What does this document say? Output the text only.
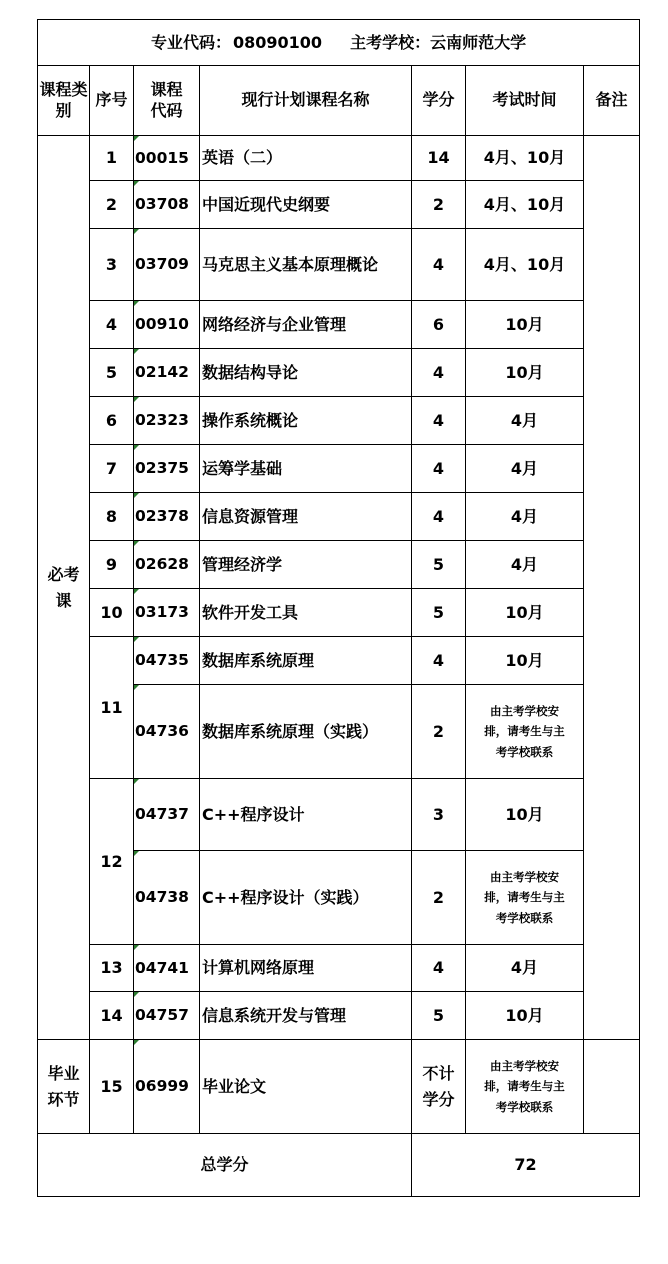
专业代码： 08090100 主考学校：云南师范大学						
课程类别	序号	课程代码	现行计划课程名称	学分	考试时间	备注

必考课	1	00015	英语（二）	14	4月、10月	
	2	03708	中国近现代史纲要	2	4月、10月	
	3	03709	马克思主义基本原理概论	4	4月、10月	
	4	00910	网络经济与企业管理	6	10月	
	5	02142	数据结构导论	4	10月	
	6	02323	操作系统概论	4	4月	
	7	02375	运筹学基础	4	4月	
	8	02378	信息资源管理	4	4月	
	9	02628	管理经济学	5	4月	
	10	03173	软件开发工具	5	10月	
	11	04735	数据库系统原理	4	10月	
		04736	数据库系统原理（实践）	2	由主考学校安排，请考生与主考学校联系	

	12	04737	C++程序设计	3	10月	
		04738	C++程序设计（实践）	2	由主考学校安排，请考生与主考学校联系	

	13	04741	计算机网络原理	4	4月	
	14	04757	信息系统开发与管理	5	10月	

毕业环节	15	06999	毕业论文	不计学分	由主考学校安排，请考生与主考学校联系	

总学分				72		
